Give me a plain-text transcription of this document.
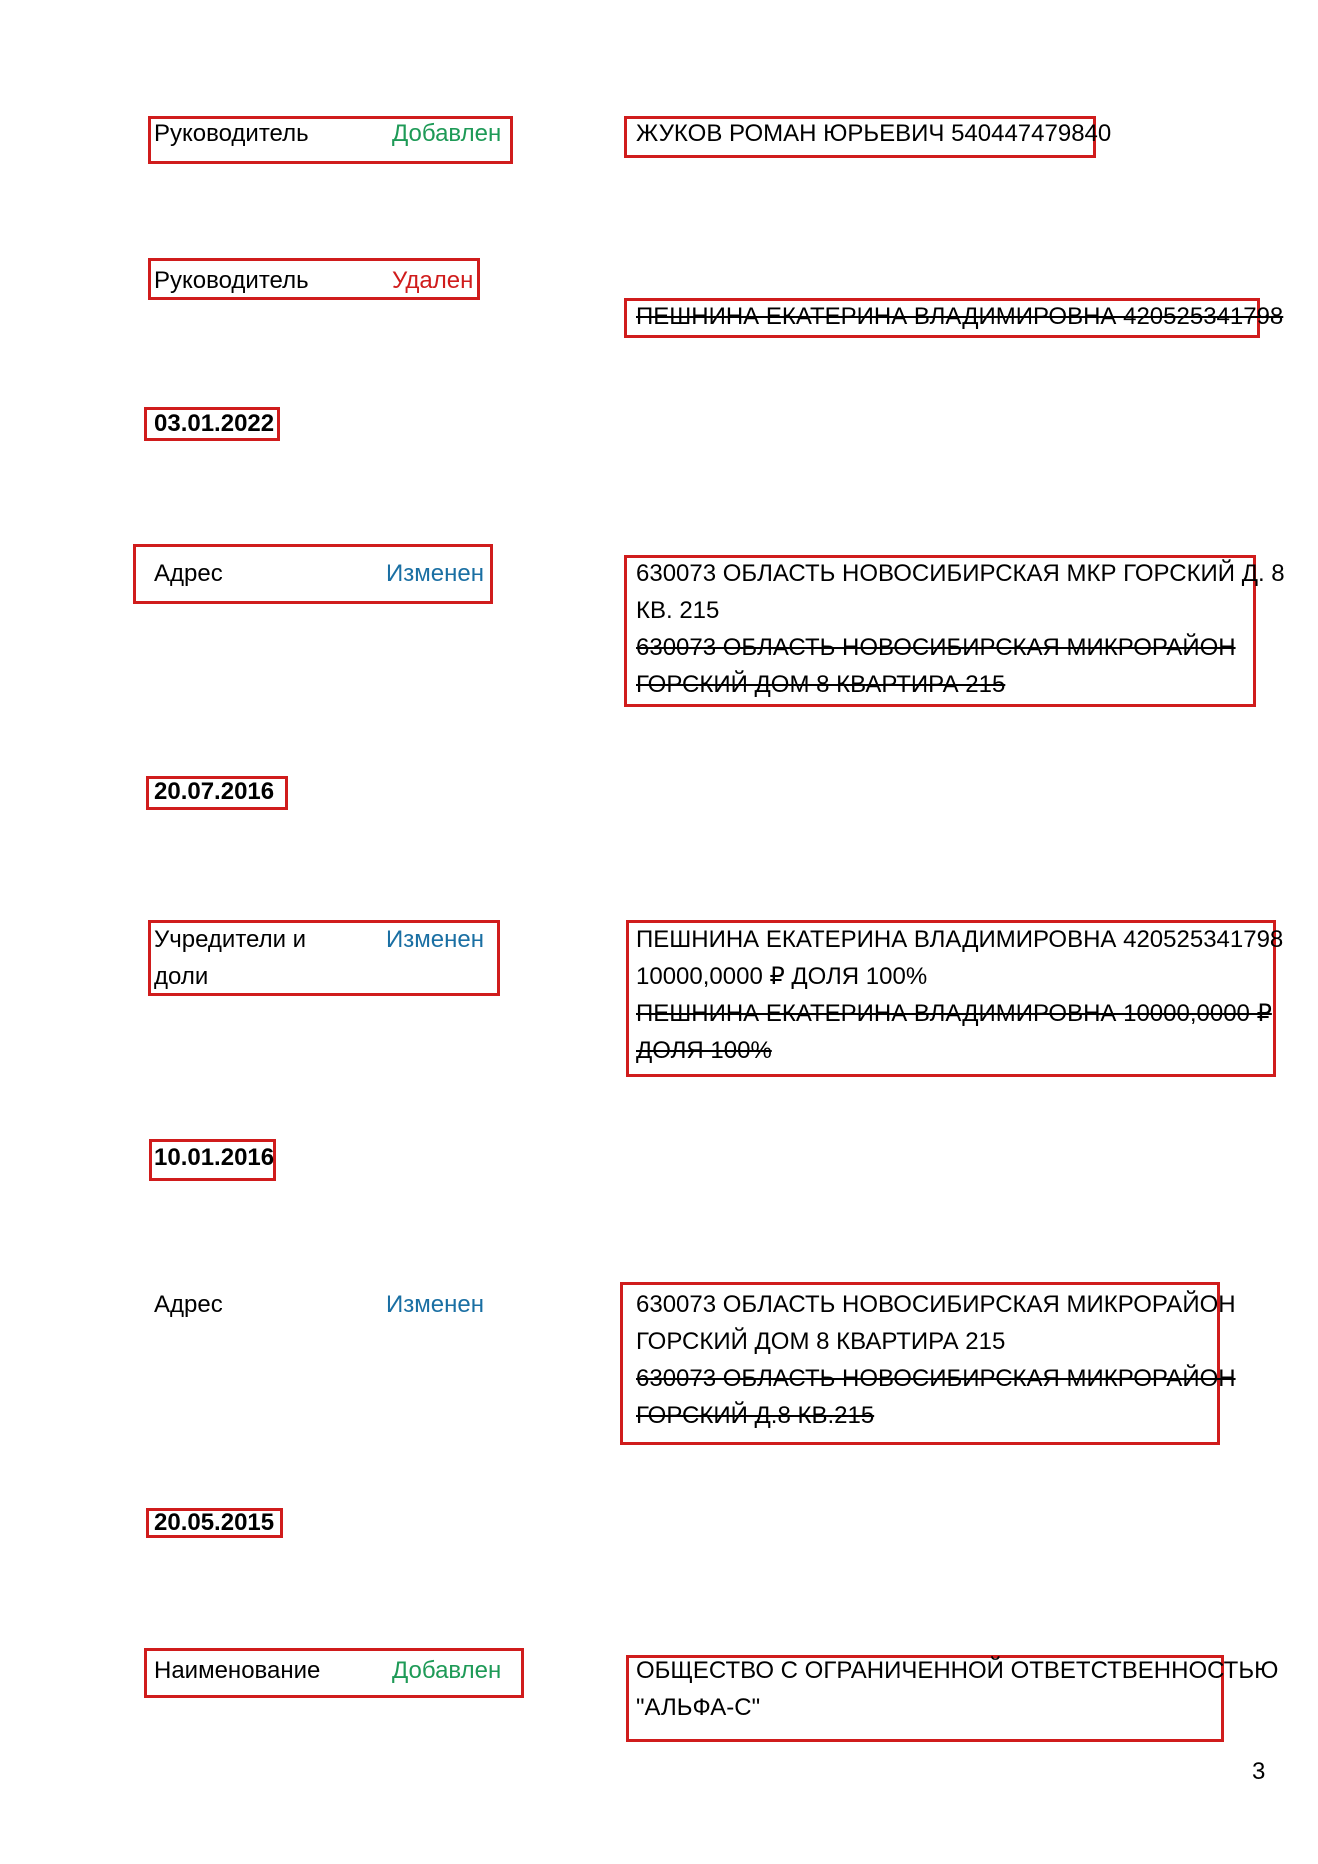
Руководитель	Добавлен	ЖУКОВ РОМАН ЮРЬЕВИЧ 540447479840
Руководитель	Удален
ПЕШНИНА ЕКАТЕРИНА ВЛАДИМИРОВНА 420525341798
03.01.2022
Адрес	Изменен	630073 ОБЛАСТЬ НОВОСИБИРСКАЯ МКР ГОРСКИЙ Д. 8
КВ. 215
630073 ОБЛАСТЬ НОВОСИБИРСКАЯ МИКРОРАЙОН
ГОРСКИЙ ДОМ 8 КВАРТИРА 215
20.07.2016
Учредители и
доли
Изменен	ПЕШНИНА ЕКАТЕРИНА ВЛАДИМИРОВНА 420525341798
10000,0000 ₽ ДОЛЯ 100%
ПЕШНИНА ЕКАТЕРИНА ВЛАДИМИРОВНА 10000,0000 ₽
ДОЛЯ 100%
10.01.2016
Адрес	Изменен	630073 ОБЛАСТЬ НОВОСИБИРСКАЯ МИКРОРАЙОН
ГОРСКИЙ ДОМ 8 КВАРТИРА 215
630073 ОБЛАСТЬ НОВОСИБИРСКАЯ МИКРОРАЙОН
ГОРСКИЙ Д.8 КВ.215
20.05.2015
Наименование	Добавлен	ОБЩЕСТВО С ОГРАНИЧЕННОЙ ОТВЕТСТВЕННОСТЬЮ
"АЛЬФА-С"
3
